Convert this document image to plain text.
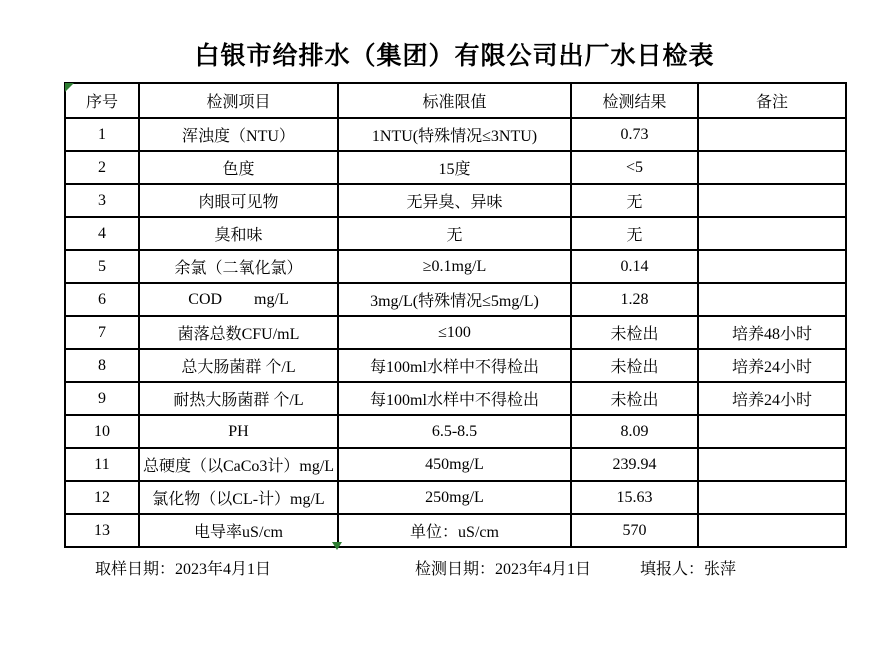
白银市给排水（集团）有限公司出厂水日检表
序号	检测项目	标准限值	检测结果	备注
1	浑浊度（NTU）	1NTU(特殊情况≤3NTU)	0.73	
2	色度	15度	<5	
3	肉眼可见物	无异臭、异味	无	
4	臭和味	无	无	
5	余氯（二氧化氯）	≥0.1mg/L	0.14	
6	COD        mg/L	3mg/L(特殊情况≤5mg/L)	1.28	
7	菌落总数CFU/mL	≤100	未检出	培养48小时
8	总大肠菌群 个/L	每100ml水样中不得检出	未检出	培养24小时
9	耐热大肠菌群 个/L	每100ml水样中不得检出	未检出	培养24小时
10	PH	6.5-8.5	8.09	
11	总硬度（以CaCo3计）mg/L	450mg/L	239.94	
12	氯化物（以CL-计）mg/L	250mg/L	15.63	
13	电导率uS/cm	单位：uS/cm	570	
取样日期：2023年4月1日	检测日期：2023年4月1日	填报人：张萍
